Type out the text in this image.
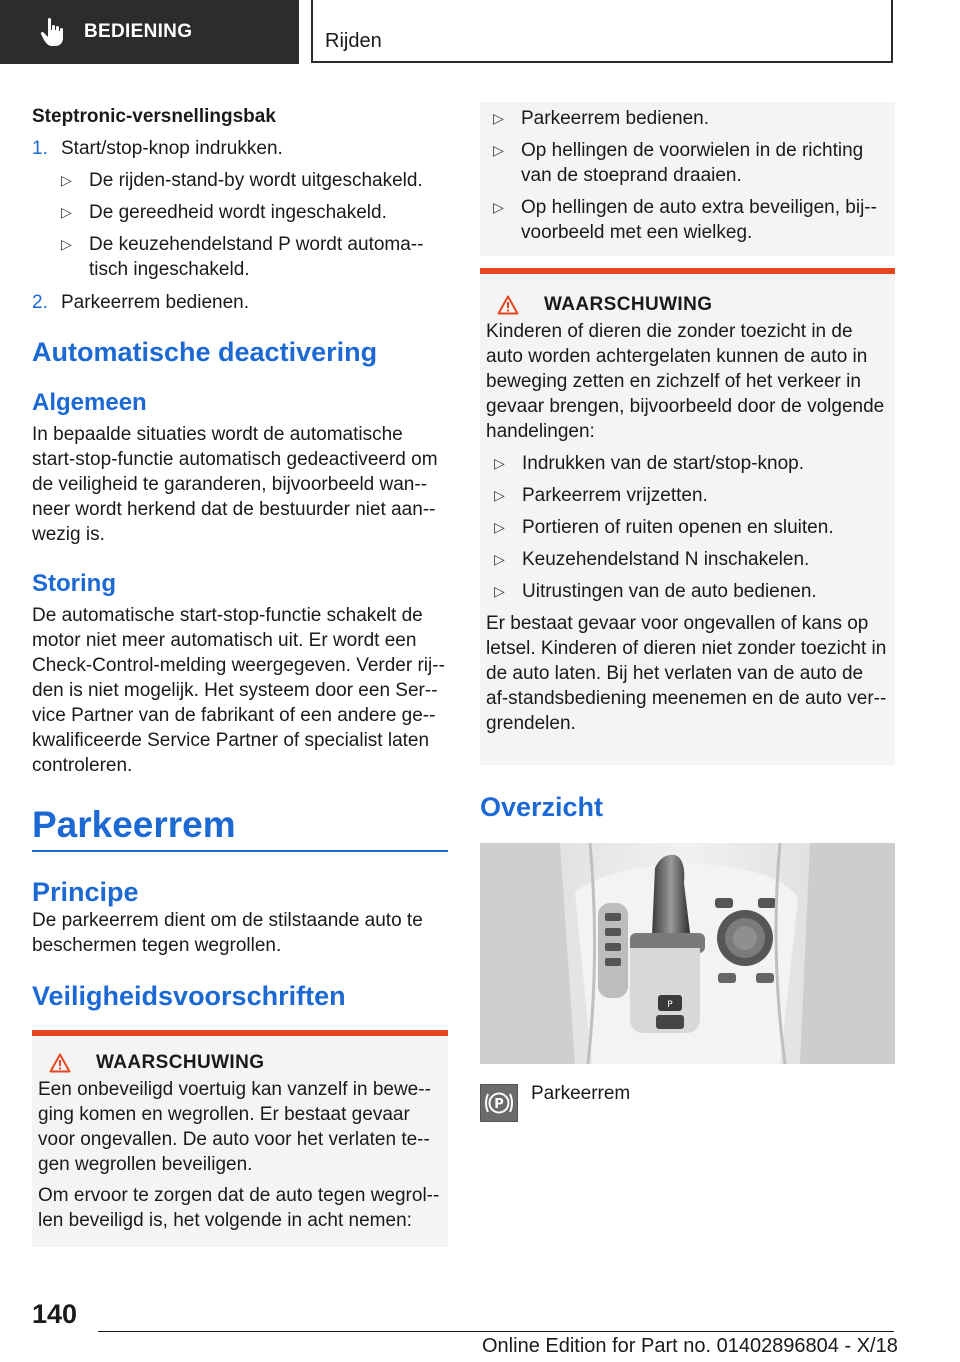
BEDIENING	Rijden

Steptronic-versnellingsbak

1. Start/stop-knop indrukken.
▷ De rijden-stand-by wordt uitgeschakeld.
▷ De gereedheid wordt ingeschakeld.
▷ De keuzehendelstand P wordt automa-tisch ingeschakeld.
2. Parkeerrem bedienen.
Automatische deactivering
Algemeen

In bepaalde situaties wordt de automatische start-stop-functie automatisch gedeactiveerd om de veiligheid te garanderen, bijvoorbeeld wan-neer wordt herkend dat de bestuurder niet aan-wezig is.

Storing

De automatische start-stop-functie schakelt de motor niet meer automatisch uit. Er wordt een Check-Control-melding weergegeven. Verder rij-den is niet mogelijk. Het systeem door een Ser-vice Partner van de fabrikant of een andere ge-kwalificeerde Service Partner of specialist laten controleren.

Parkeerrem
Principe

De parkeerrem dient om de stilstaande auto te beschermen tegen wegrollen.

Veiligheidsvoorschriften
WAARSCHUWING

Een onbeveiligd voertuig kan vanzelf in bewe-ging komen en wegrollen. Er bestaat gevaar voor ongevallen. De auto voor het verlaten te-gen wegrollen beveiligen.

Om ervoor te zorgen dat de auto tegen wegrol-len beveiligd is, het volgende in acht nemen:

▷ Parkeerrem bedienen.
▷ Op hellingen de voorwielen in de richting van de stoeprand draaien.
▷ Op hellingen de auto extra beveiligen, bij-voorbeeld met een wielkeg.
WAARSCHUWING

Kinderen of dieren die zonder toezicht in de auto worden achtergelaten kunnen de auto in beweging zetten en zichzelf of het verkeer in gevaar brengen, bijvoorbeeld door de volgende handelingen:

▷ Indrukken van de start/stop-knop.
▷ Parkeerrem vrijzetten.
▷ Portieren of ruiten openen en sluiten.
▷ Keuzehendelstand N inschakelen.
▷ Uitrustingen van de auto bedienen.

Er bestaat gevaar voor ongevallen of kans op letsel. Kinderen of dieren niet zonder toezicht in de auto laten. Bij het verlaten van de auto de af-standsbediening meenemen en de auto ver-grendelen.

Overzicht
P
P
Parkeerrem
140
Online Edition for Part no. 01402896804 - X/18
